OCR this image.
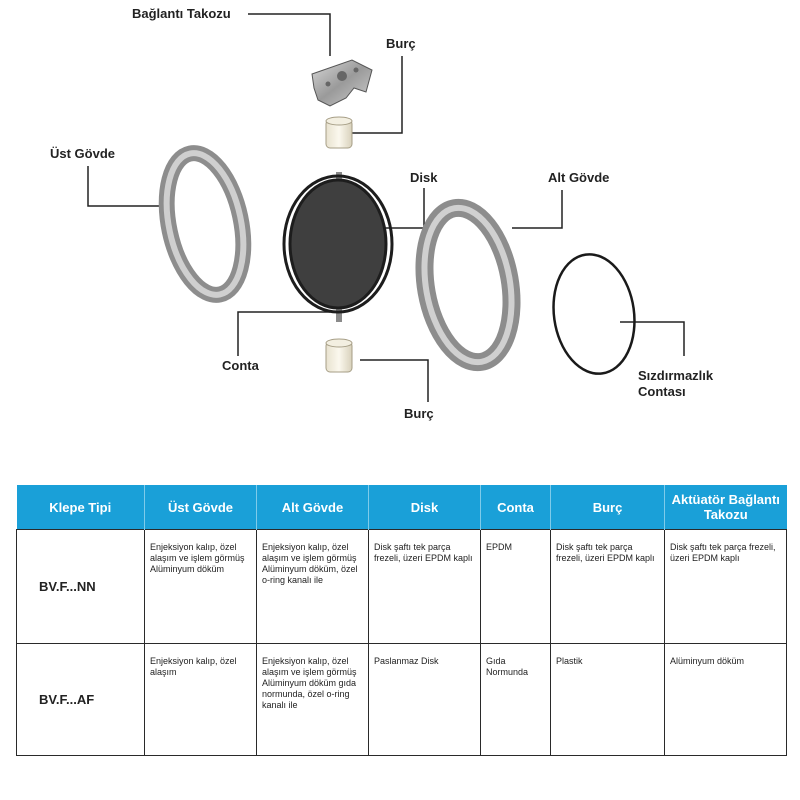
Bağlantı Takozu
Burç
Üst Gövde
Disk	Alt Gövde
Conta
Burç
Sızdırmazlık
Contası
Klepe Tipi	Üst Gövde	Alt Gövde	Disk	Conta	Burç	Aktüatör Bağlantı Takozu
BV.F...NN	Enjeksiyon kalıp, özel alaşım ve işlem görmüş Alüminyum döküm	Enjeksiyon kalıp, özel alaşım ve işlem görmüş Alüminyum döküm, özel o-ring kanalı ile	Disk şaftı tek parça frezeli, üzeri EPDM kaplı	EPDM	Disk şaftı tek parça frezeli, üzeri EPDM kaplı	Disk şaftı tek parça frezeli, üzeri EPDM kaplı
BV.F...AF	Enjeksiyon kalıp, özel alaşım	Enjeksiyon kalıp, özel alaşım ve işlem görmüş Alüminyum döküm gıda normunda, özel o-ring kanalı ile	Paslanmaz Disk	Gıda Normunda	Plastik	Alüminyum döküm
